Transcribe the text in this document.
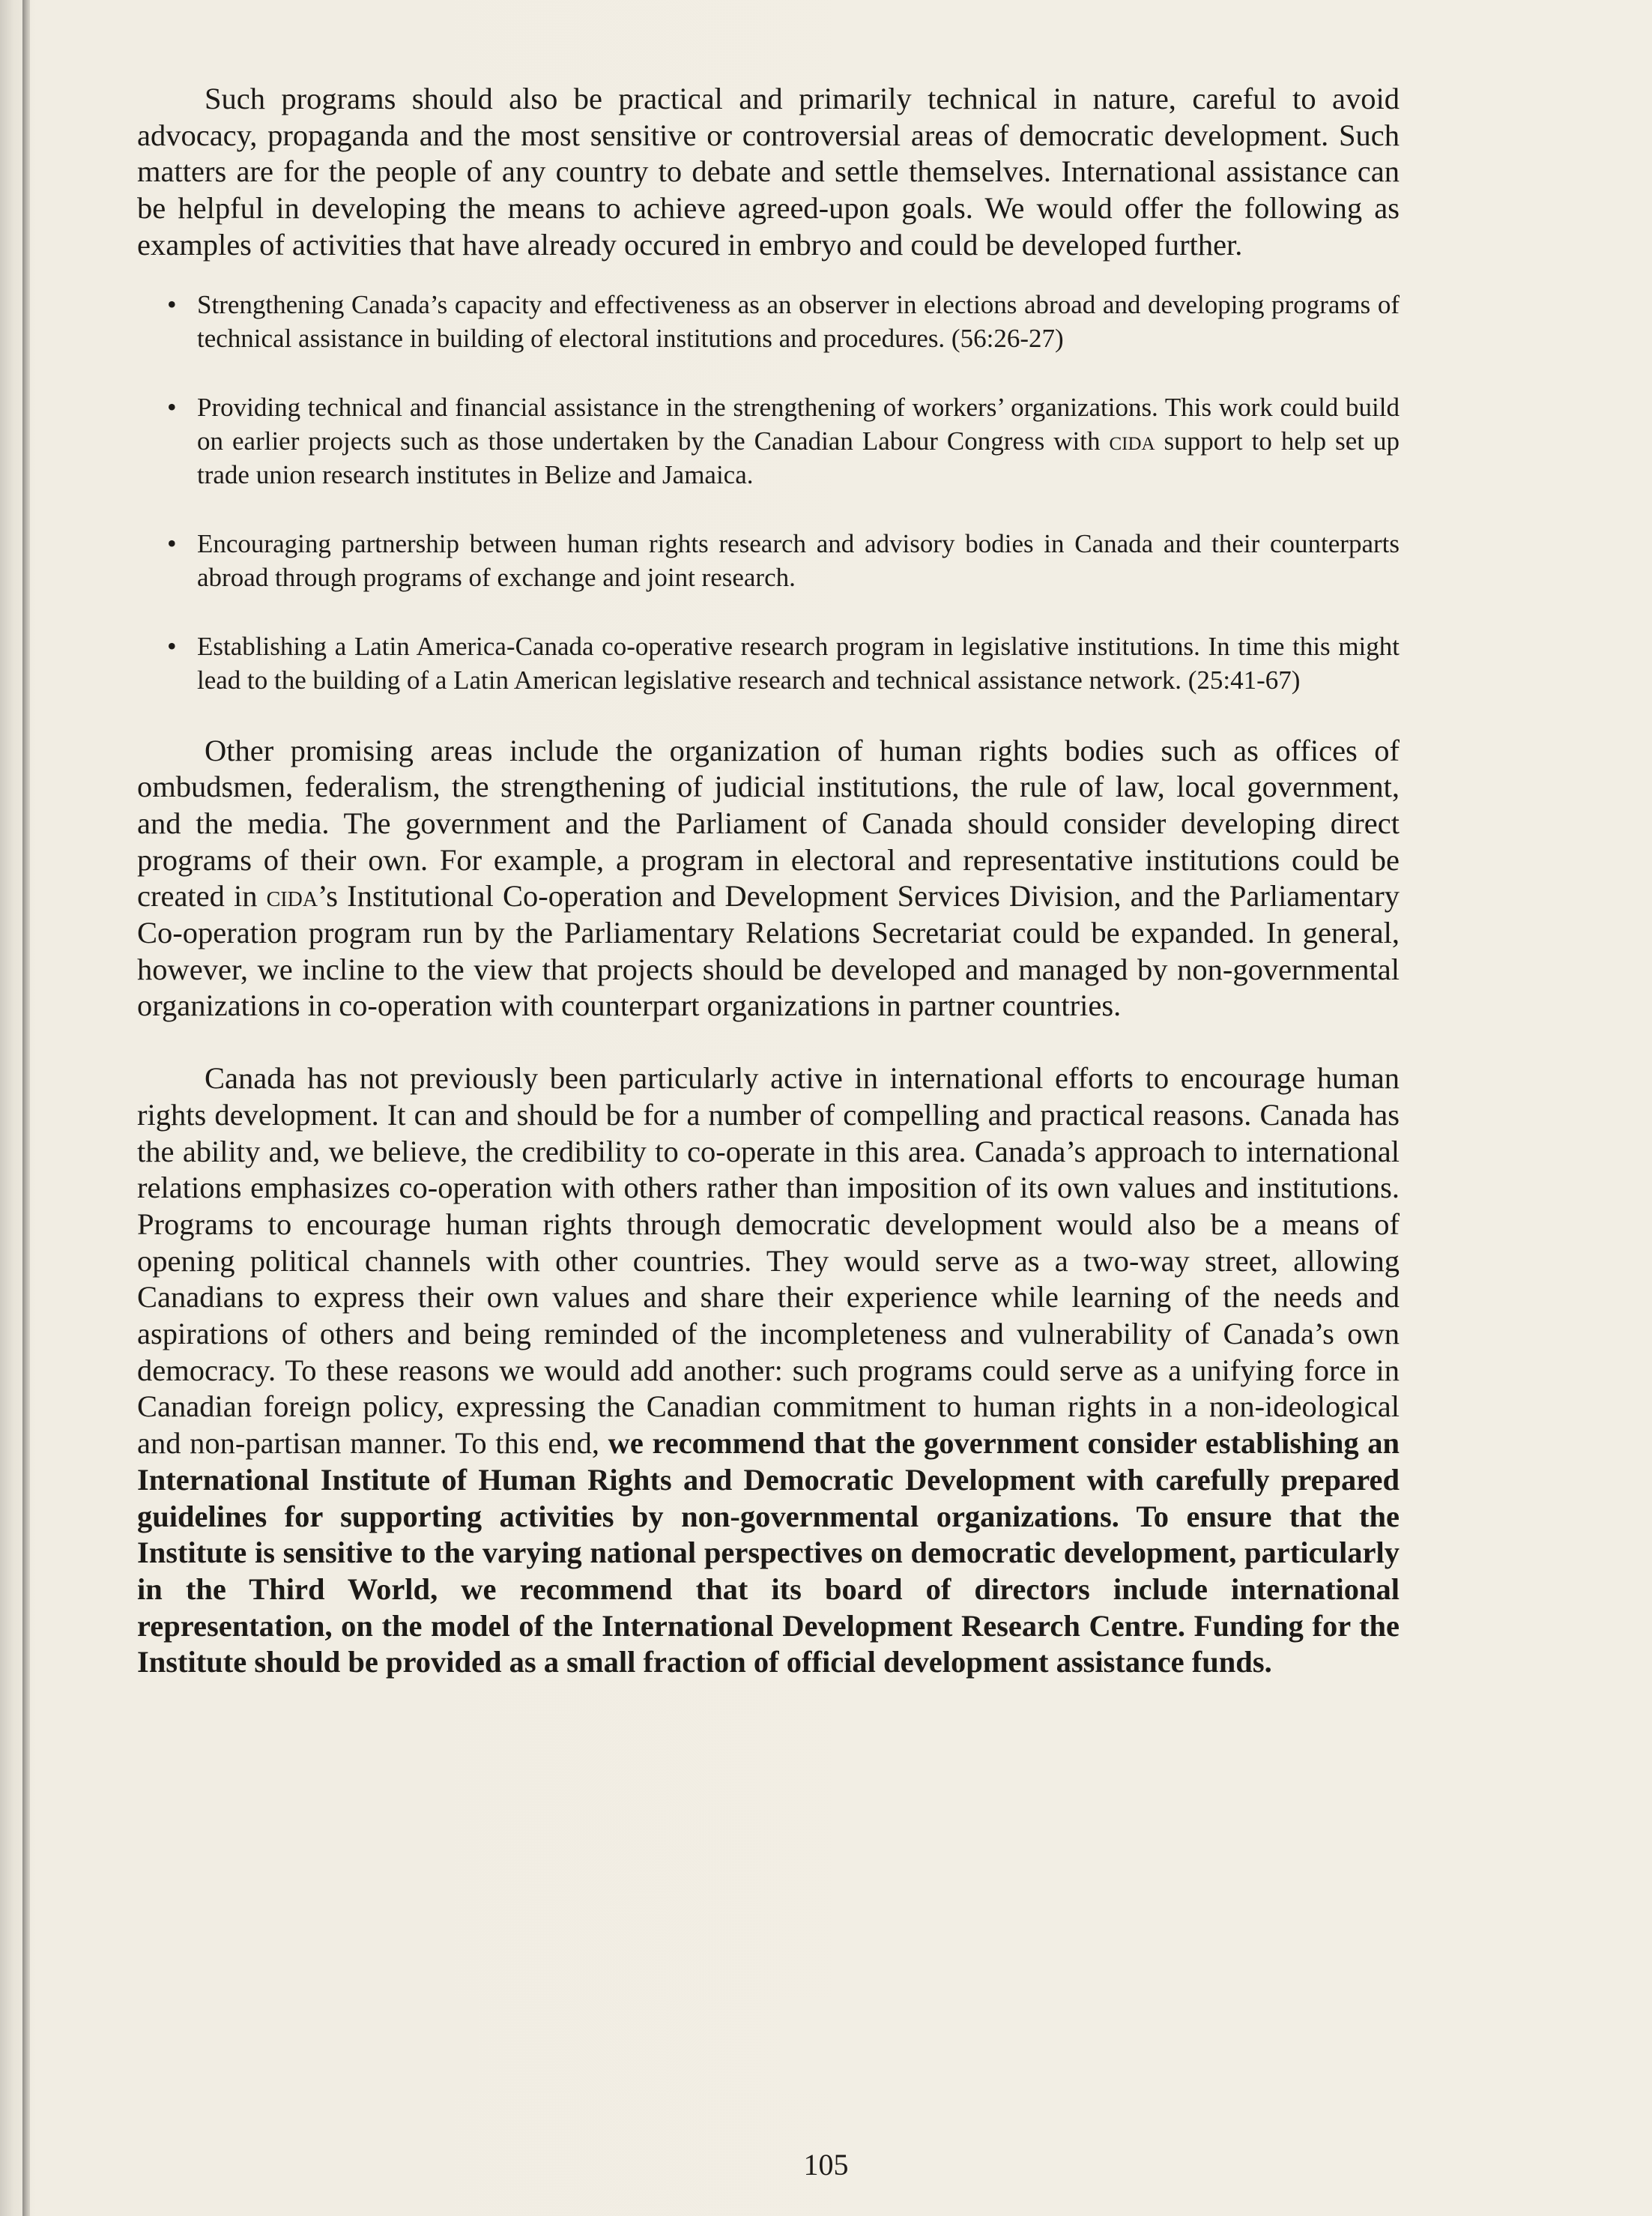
Such programs should also be practical and primarily technical in nature, careful to avoid advocacy, propaganda and the most sensitive or controversial areas of democratic development. Such matters are for the people of any country to debate and settle themselves. International assistance can be helpful in developing the means to achieve agreed-upon goals. We would offer the following as examples of activities that have already occured in embryo and could be developed further.

• Strengthening Canada’s capacity and effectiveness as an observer in elections abroad and developing programs of technical assistance in building of electoral institutions and procedures. (56:26-27)
• Providing technical and financial assistance in the strengthening of workers’ organizations. This work could build on earlier projects such as those undertaken by the Canadian Labour Congress with cida support to help set up trade union research institutes in Belize and Jamaica.
• Encouraging partnership between human rights research and advisory bodies in Canada and their counterparts abroad through programs of exchange and joint research.
• Establishing a Latin America-Canada co-operative research program in legislative institutions. In time this might lead to the building of a Latin American legislative research and technical assistance network. (25:41-67)

Other promising areas include the organization of human rights bodies such as offices of ombudsmen, federalism, the strengthening of judicial institutions, the rule of law, local government, and the media. The government and the Parliament of Canada should consider developing direct programs of their own. For example, a program in electoral and representative institutions could be created in cida’s Institutional Co-operation and Development Services Division, and the Parliamentary Co-operation program run by the Parliamentary Relations Secretariat could be expanded. In general, however, we incline to the view that projects should be developed and managed by non-governmental organizations in co-operation with counterpart organizations in partner countries.

Canada has not previously been particularly active in international efforts to encourage human rights development. It can and should be for a number of compelling and practical reasons. Canada has the ability and, we believe, the credibility to co-operate in this area. Canada’s approach to international relations emphasizes co-operation with others rather than imposition of its own values and institutions. Programs to encourage human rights through democratic development would also be a means of opening political channels with other countries. They would serve as a two-way street, allowing Canadians to express their own values and share their experience while learning of the needs and aspirations of others and being reminded of the incompleteness and vulnerability of Canada’s own democracy. To these reasons we would add another: such programs could serve as a unifying force in Canadian foreign policy, expressing the Canadian commitment to human rights in a non-ideological and non-partisan manner. To this end, we recommend that the government consider establishing an International Institute of Human Rights and Democratic Development with carefully prepared guidelines for supporting activities by non-governmental organizations. To ensure that the Institute is sensitive to the varying national perspectives on democratic development, particularly in the Third World, we recommend that its board of directors include international representation, on the model of the International Development Research Centre. Funding for the Institute should be provided as a small fraction of official development assistance funds.

105
